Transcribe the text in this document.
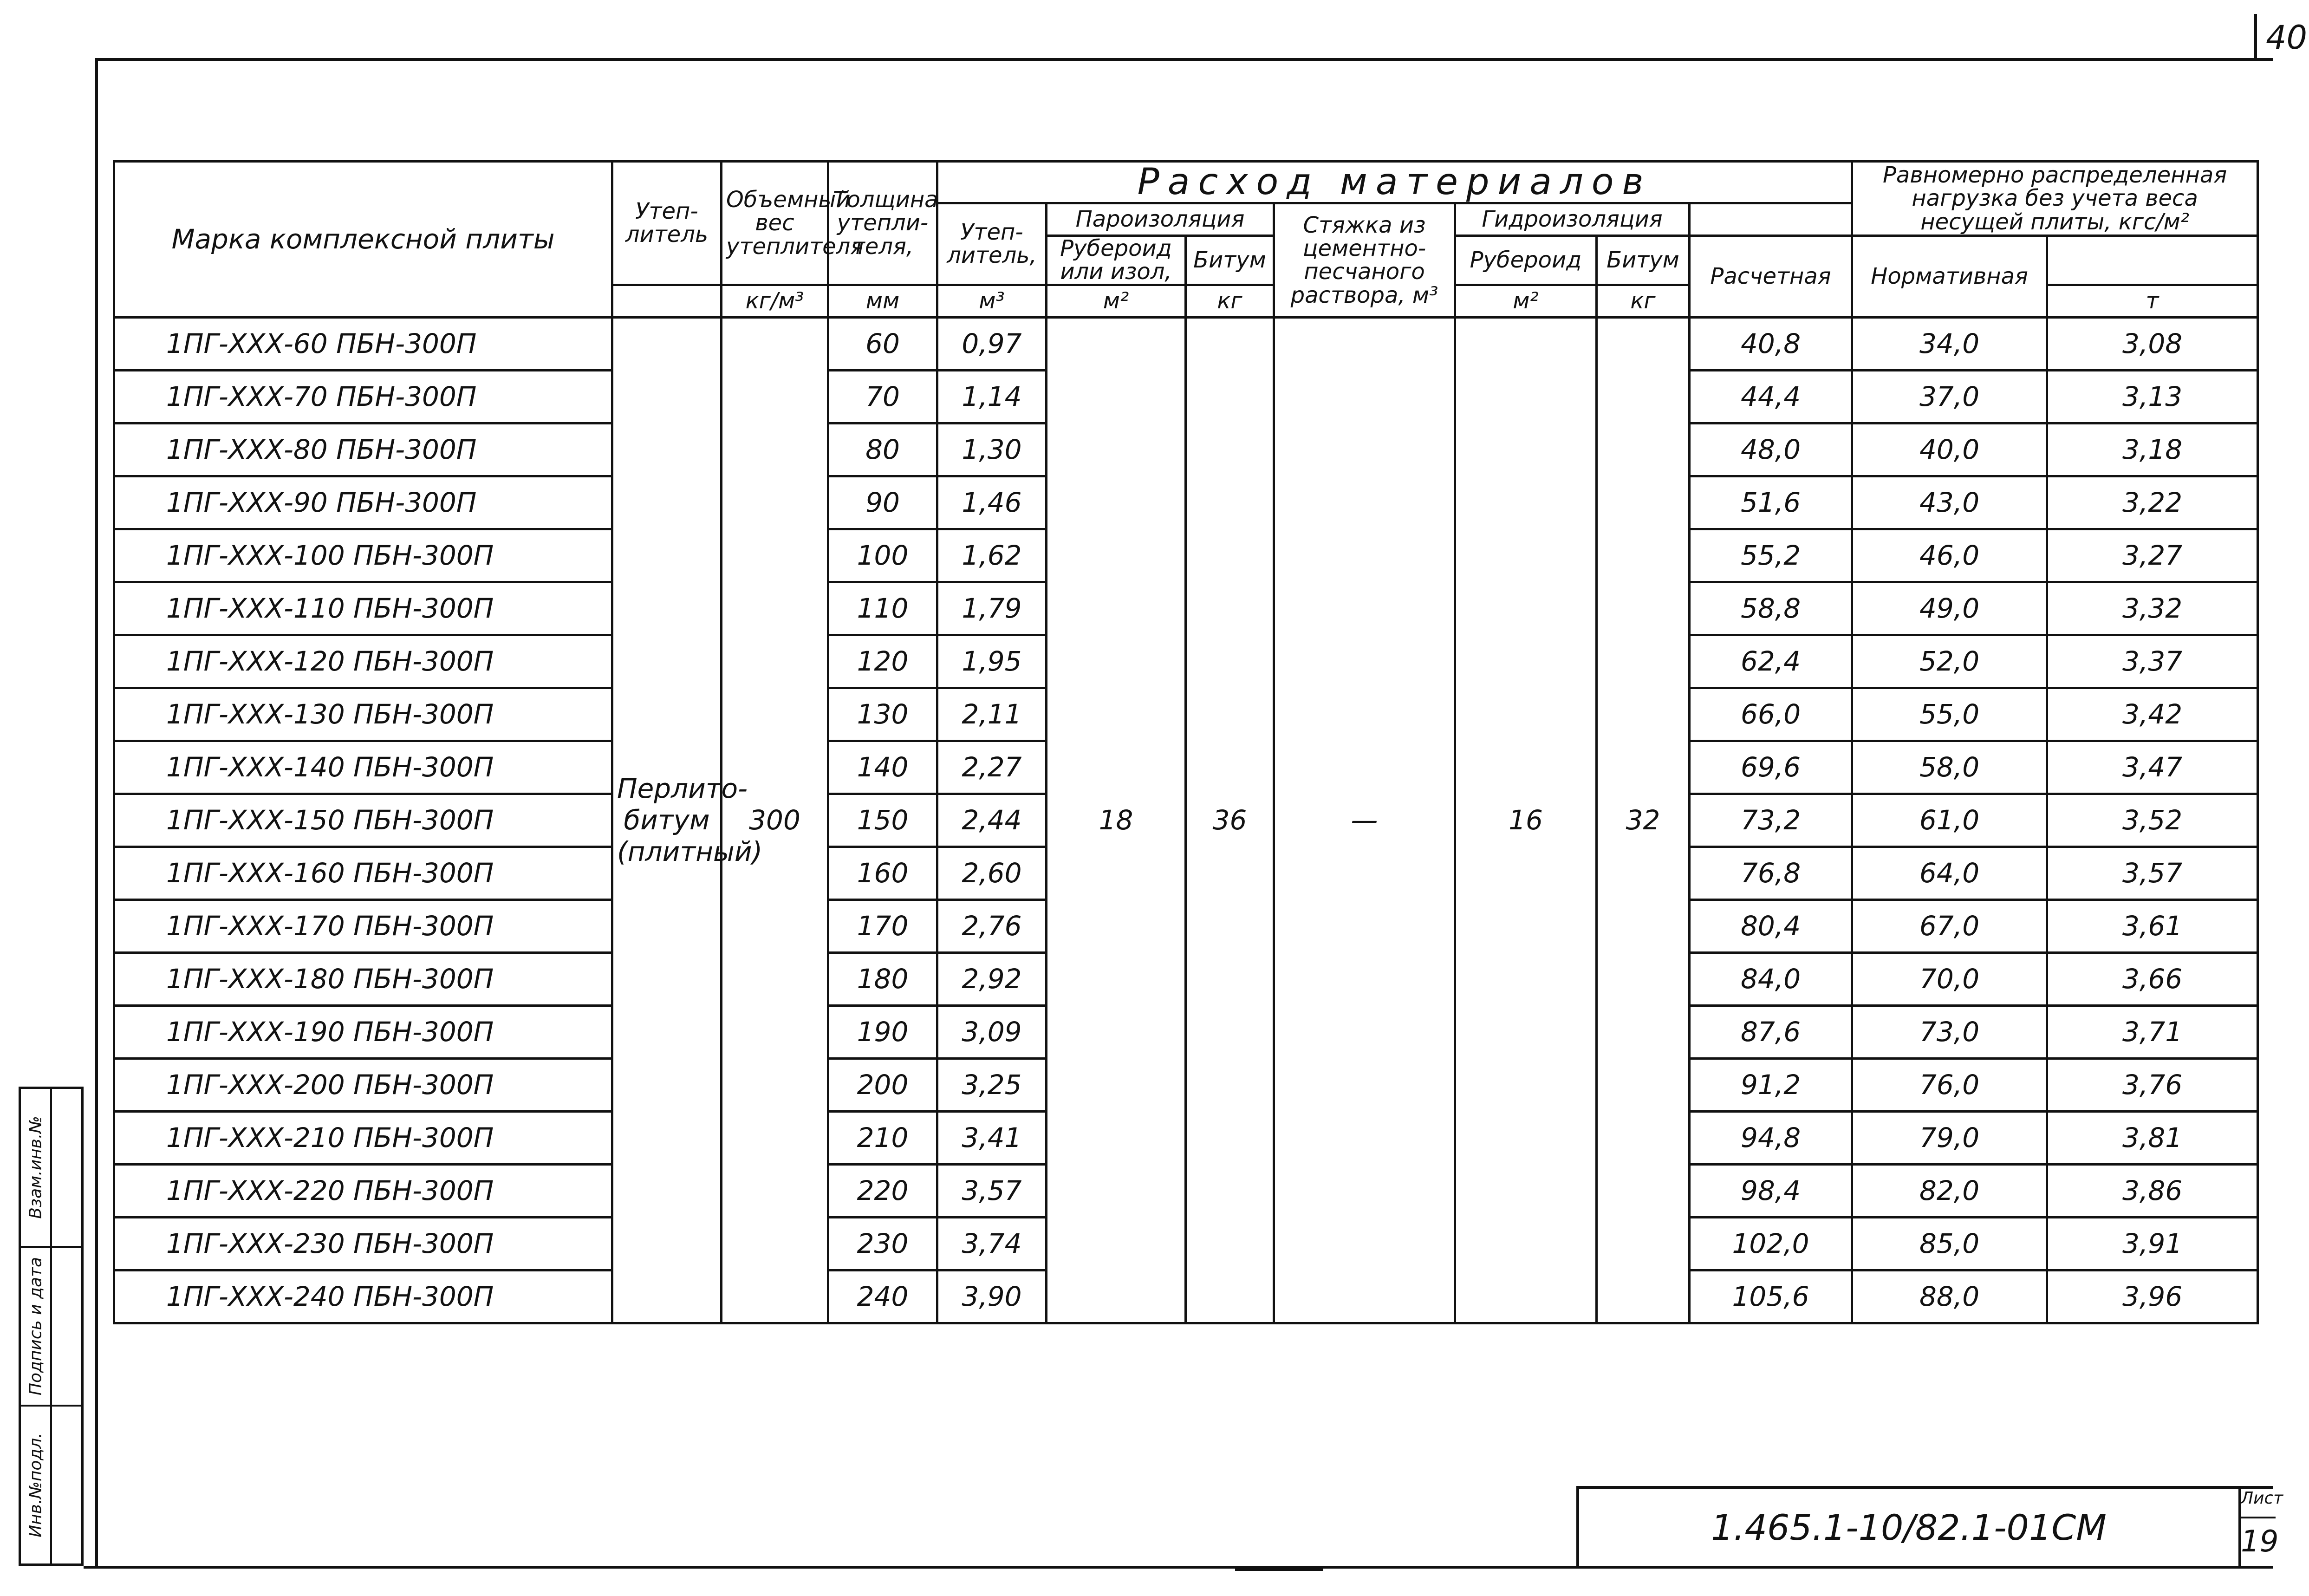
40
Взам.инв.№
Подпись и дата
Инв.№подл.
Марка комплексной плиты	Утеп-литель	Объемный вес утеплителя	Толщина утепли-теля,	Расход материалов							Равномерно распределенная нагрузка без учета веса несущей плиты, кгс/м²	
				Утеп-литель,	Пароизоляция		Стяжка из цементно-песчаного раствора, м³	Гидроизоляция					
					Рубероид или изол,	Битум		Рубероид	Битум	Расчетная	Нормативная		
		кг/м³	мм	м³	м²	кг		м²	кг			т	
1ПГ-ХХХ-60 ПБН-300П	Перлито-битум (плитный)	300	60	0,97	18	36	—	16	32	40,8	34,0	3,08	
1ПГ-ХХХ-70 ПБН-300П			70	1,14						44,4	37,0	3,13	
1ПГ-ХХХ-80 ПБН-300П			80	1,30						48,0	40,0	3,18	
1ПГ-ХХХ-90 ПБН-300П			90	1,46						51,6	43,0	3,22	
1ПГ-ХХХ-100 ПБН-300П			100	1,62						55,2	46,0	3,27	
1ПГ-ХХХ-110 ПБН-300П			110	1,79						58,8	49,0	3,32	
1ПГ-ХХХ-120 ПБН-300П			120	1,95						62,4	52,0	3,37	
1ПГ-ХХХ-130 ПБН-300П			130	2,11						66,0	55,0	3,42	
1ПГ-ХХХ-140 ПБН-300П			140	2,27						69,6	58,0	3,47	
1ПГ-ХХХ-150 ПБН-300П			150	2,44						73,2	61,0	3,52	
1ПГ-ХХХ-160 ПБН-300П			160	2,60						76,8	64,0	3,57	
1ПГ-ХХХ-170 ПБН-300П			170	2,76						80,4	67,0	3,61	
1ПГ-ХХХ-180 ПБН-300П			180	2,92						84,0	70,0	3,66	
1ПГ-ХХХ-190 ПБН-300П			190	3,09						87,6	73,0	3,71	
1ПГ-ХХХ-200 ПБН-300П			200	3,25						91,2	76,0	3,76	
1ПГ-ХХХ-210 ПБН-300П			210	3,41						94,8	79,0	3,81	
1ПГ-ХХХ-220 ПБН-300П			220	3,57						98,4	82,0	3,86	
1ПГ-ХХХ-230 ПБН-300П			230	3,74						102,0	85,0	3,91	
1ПГ-ХХХ-240 ПБН-300П			240	3,90						105,6	88,0	3,96	
1.465.1-10/82.1-01СМ
Лист
19
